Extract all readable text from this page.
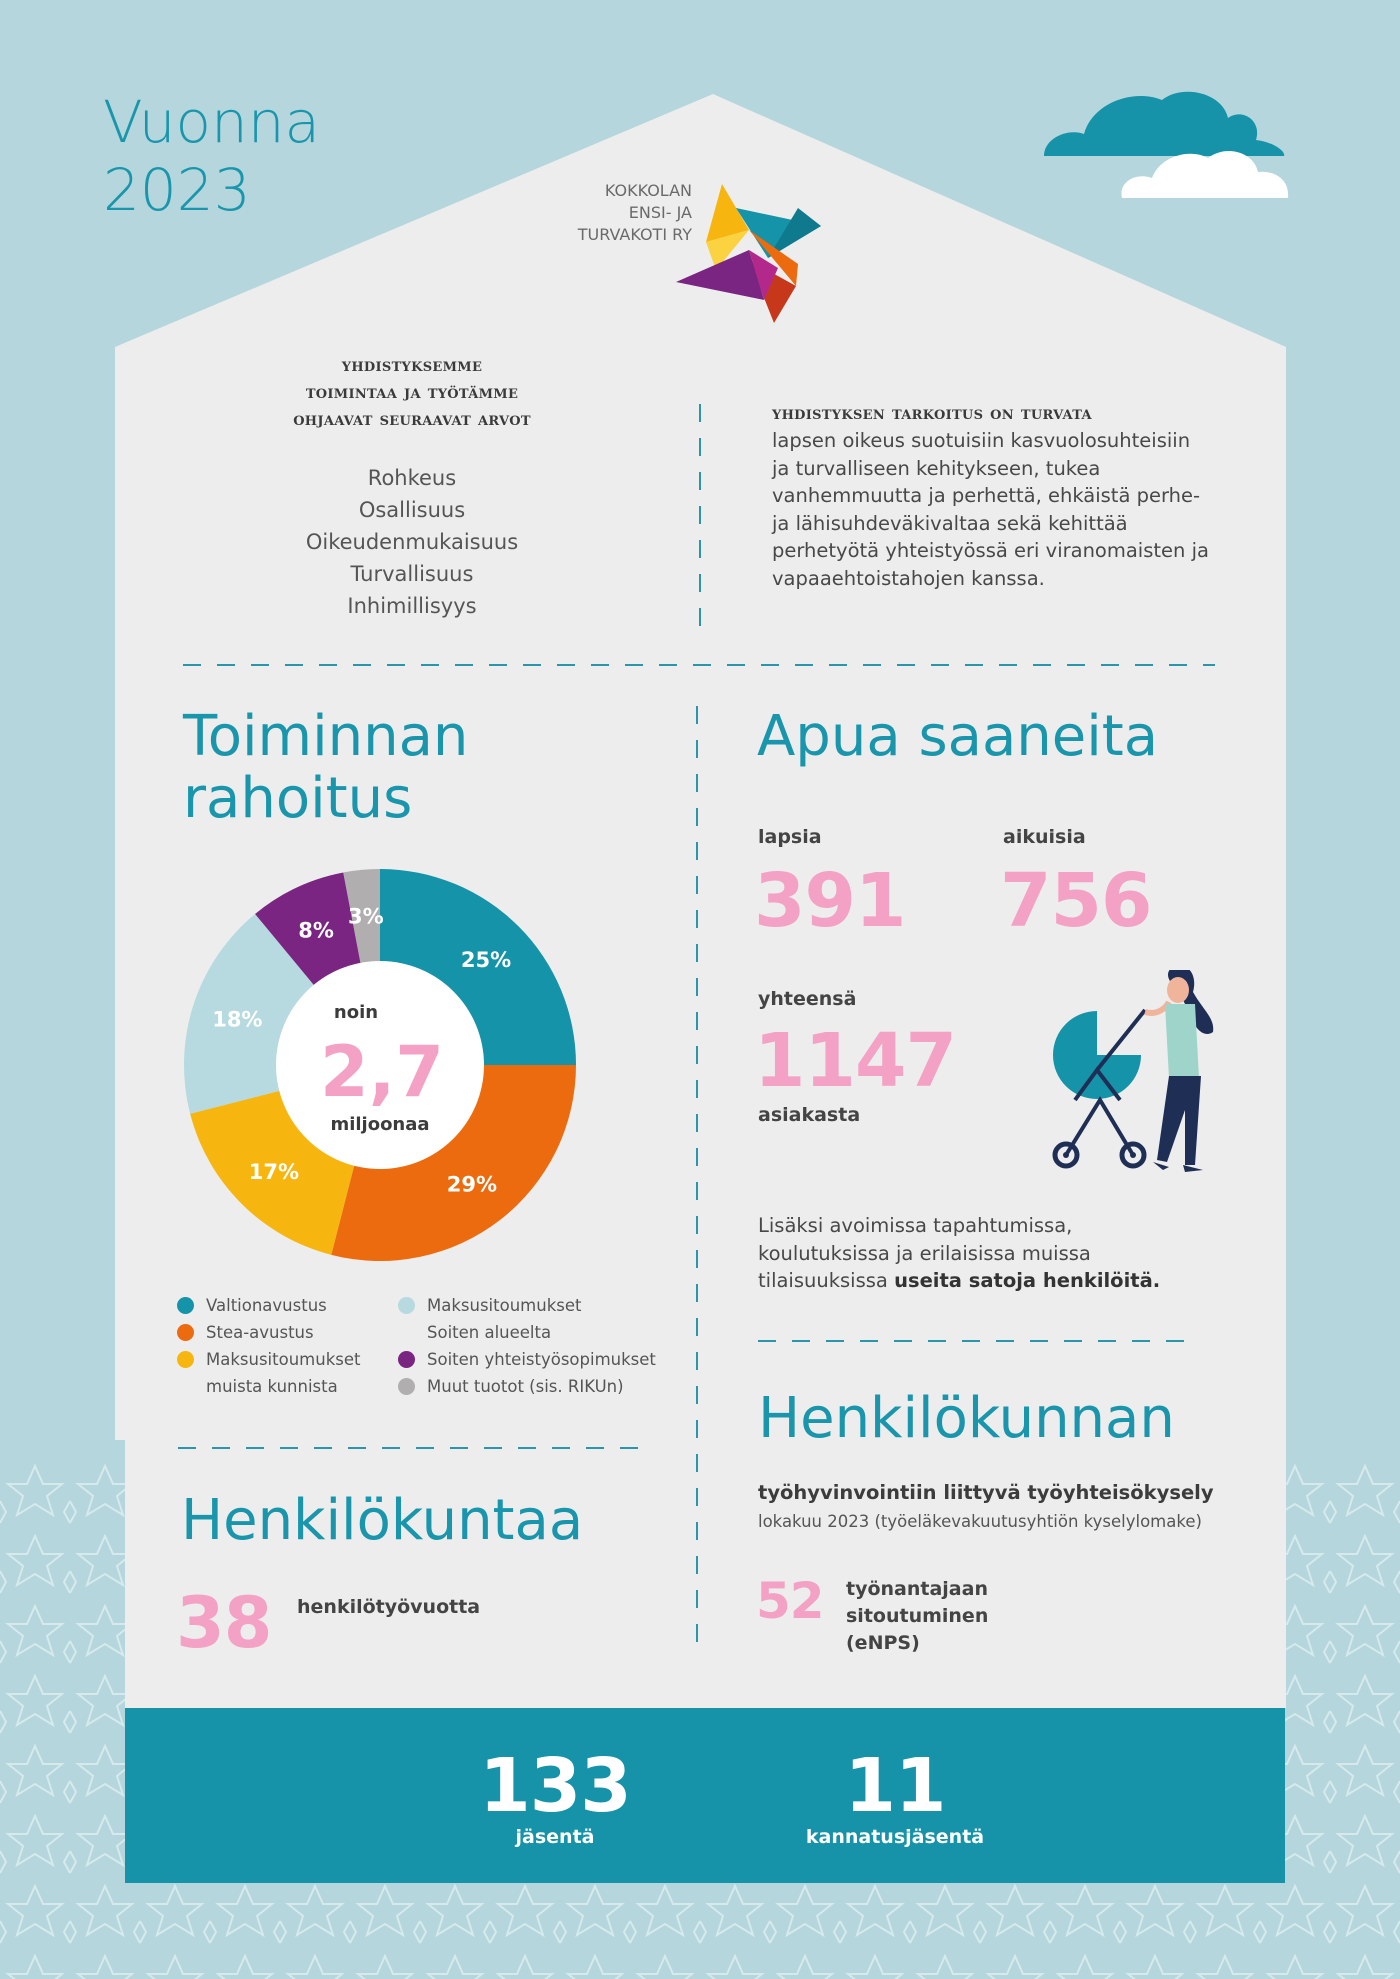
Vuonna
2023	KOKKOLAN
ENSI- JA
TURVAKOTI RY
yhdistyksemme
toimintaa ja työtämme
ohjaavat seuraavat arvot
Rohkeus
Osallisuus
Oikeudenmukaisuus
Turvallisuus
Inhimillisyys
yhdistyksen tarkoitus on turvata
lapsen oikeus suotuisiin kasvuolosuhteisiin ja turvalliseen kehitykseen, tukea vanhemmuutta ja perhettä, ehkäistä perhe- ja lähisuhdeväkivaltaa sekä kehittää perhetyötä yhteistyössä eri viranomaisten ja vapaaehtoistahojen kanssa.
Toiminnan
rahoitus
25%
29%
17%
18%
8%
3%
noin
2,7
miljoonaa
Valtionavustus
Stea-avustus
Maksusitoumukset
muista kunnista
Maksusitoumukset
Soiten alueelta
Soiten yhteistyösopimukset
Muut tuotot (sis. RIKUn)
Apua saaneita
lapsia
391
aikuisia
756
yhteensä
1147
asiakasta
Lisäksi avoimissa tapahtumissa, koulutuksissa ja erilaisissa muissa tilaisuuksissa useita satoja henkilöitä.
Henkilökuntaa
38 henkilötyövuotta
Henkilökunnan
työhyvinvointiin liittyvä työyhteisökysely
lokakuu 2023 (työeläkevakuutusyhtiön kyselylomake)
52 työnantajaan
sitoutuminen
(eNPS)
133
jäsentä
11
kannatusjäsentä
